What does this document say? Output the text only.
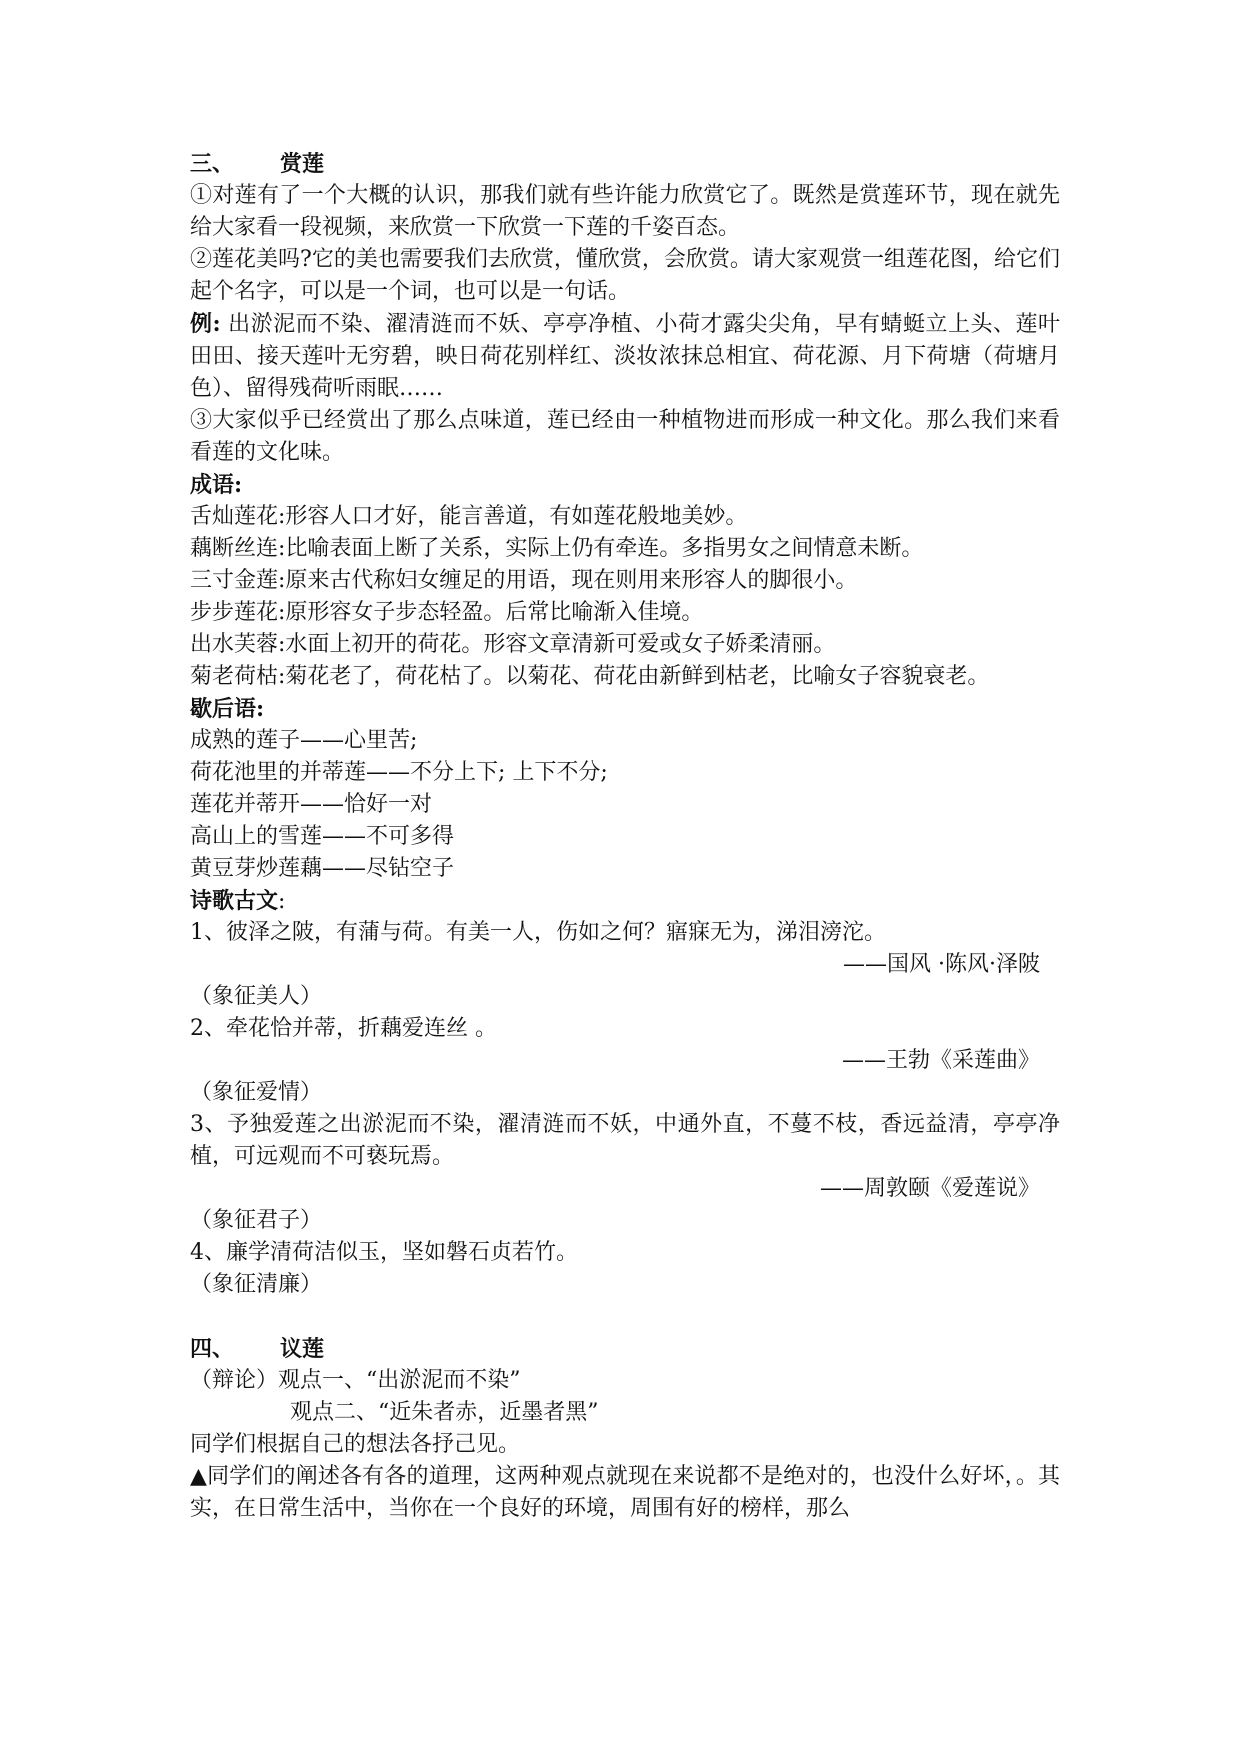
三、 赏莲
①对莲有了一个大概的认识，那我们就有些许能力欣赏它了。既然是赏莲环节，现在就先给大家看一段视频，来欣赏一下欣赏一下莲的千姿百态。
②莲花美吗?它的美也需要我们去欣赏，懂欣赏，会欣赏。请大家观赏一组莲花图，给它们起个名字，可以是一个词，也可以是一句话。
例: 出淤泥而不染、濯清涟而不妖、亭亭净植、小荷才露尖尖角，早有蜻蜓立上头、莲叶田田、接天莲叶无穷碧，映日荷花别样红、淡妆浓抹总相宜、荷花源、月下荷塘（荷塘月色）、留得残荷听雨眠……
③大家似乎已经赏出了那么点味道，莲已经由一种植物进而形成一种文化。那么我们来看看莲的文化味。
成语:
舌灿莲花:形容人口才好，能言善道，有如莲花般地美妙。
藕断丝连:比喻表面上断了关系，实际上仍有牵连。多指男女之间情意未断。
三寸金莲:原来古代称妇女缠足的用语，现在则用来形容人的脚很小。
步步莲花:原形容女子步态轻盈。后常比喻渐入佳境。
出水芙蓉:水面上初开的荷花。形容文章清新可爱或女子娇柔清丽。
菊老荷枯:菊花老了，荷花枯了。以菊花、荷花由新鲜到枯老，比喻女子容貌衰老。
歇后语:
成熟的莲子——心里苦;
荷花池里的并蒂莲——不分上下; 上下不分;
莲花并蒂开——恰好一对
高山上的雪莲——不可多得
黄豆芽炒莲藕——尽钻空子
诗歌古文:
1、彼泽之陂，有蒲与荷。有美一人，伤如之何？寤寐无为，涕泪滂沱。
——国风 ·陈风·泽陂
（象征美人）
2、牵花恰并蒂，折藕爱连丝 。
——王勃《采莲曲》
（象征爱情）
3、予独爱莲之出淤泥而不染，濯清涟而不妖，中通外直，不蔓不枝，香远益清，亭亭净植，可远观而不可亵玩焉。
——周敦颐《爱莲说》
（象征君子）
4、廉学清荷洁似玉，坚如磐石贞若竹。
（象征清廉）
四、 议莲
（辩论）观点一、“出淤泥而不染”
观点二、“近朱者赤，近墨者黑”
同学们根据自己的想法各抒己见。
▲同学们的阐述各有各的道理，这两种观点就现在来说都不是绝对的，也没什么好坏，。其实，在日常生活中，当你在一个良好的环境，周围有好的榜样，那么
